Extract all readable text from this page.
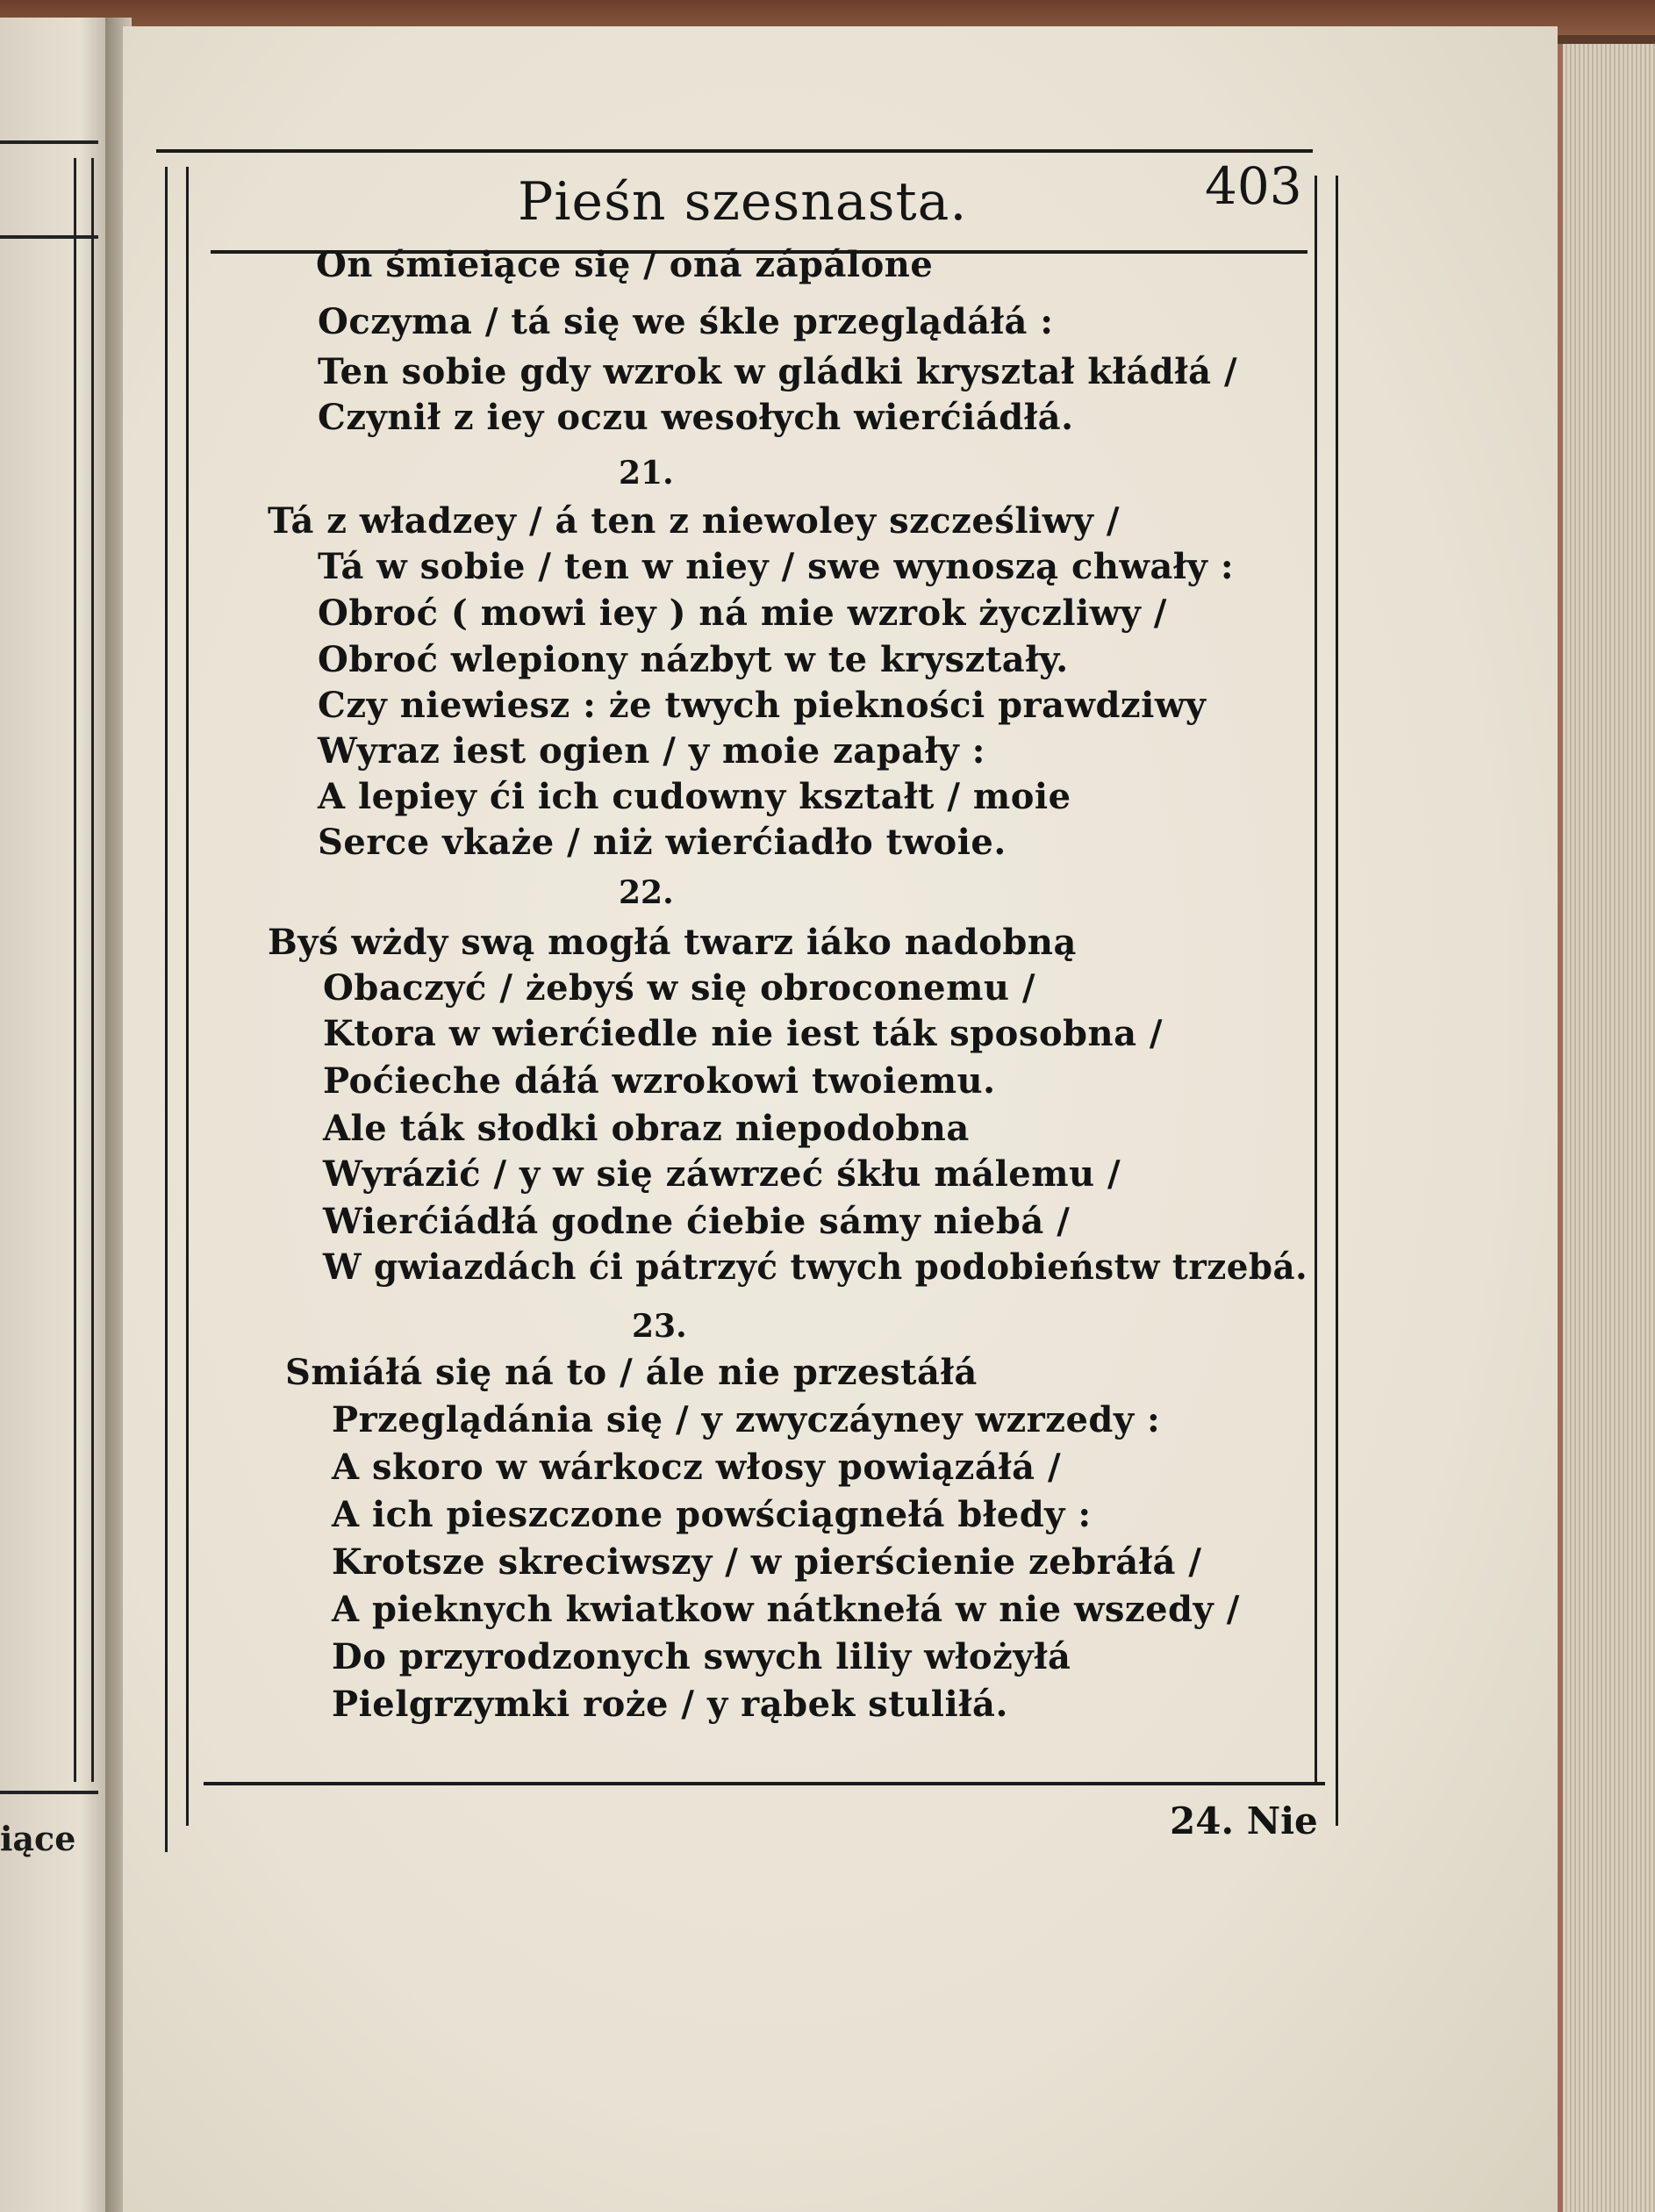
iące
Pieśn szesnasta.	403
On śmieiące się / oná zápálone
Oczyma / tá się we śkle przeglądáłá :
Ten sobie gdy wzrok w gládki kryształ kłádłá /
Czynił z iey oczu wesołych wierćiádłá.
21.
Tá z władzey / á ten z niewoley szcześliwy /
Tá w sobie / ten w niey / swe wynoszą chwały :
Obroć ( mowi iey ) ná mie wzrok życzliwy /
Obroć wlepiony názbyt w te kryształy.
Czy niewiesz : że twych piekności prawdziwy
Wyraz iest ogien / y moie zapały :
A lepiey ći ich cudowny kształt / moie
Serce vkaże / niż wierćiadło twoie.
22.
Byś wżdy swą mogłá twarz iáko nadobną
Obaczyć / żebyś w się obroconemu /
Ktora w wierćiedle nie iest ták sposobna /
Poćieche dáłá wzrokowi twoiemu.
Ale ták słodki obraz niepodobna
Wyrázić / y w się záwrzeć śkłu málemu /
Wierćiádłá godne ćiebie sámy niebá /
W gwiazdách ći pátrzyć twych podobieństw trzebá.
23.
Smiáłá się ná to / ále nie przestáłá
Przeglądánia się / y zwyczáyney wzrzedy :
A skoro w wárkocz włosy powiązáłá /
A ich pieszczone powściągnełá błedy :
Krotsze skreciwszy / w pierścienie zebráłá /
A pieknych kwiatkow nátknełá w nie wszedy /
Do przyrodzonych swych liliy włożyłá
Pielgrzymki roże / y rąbek stuliłá.
24. Nie
